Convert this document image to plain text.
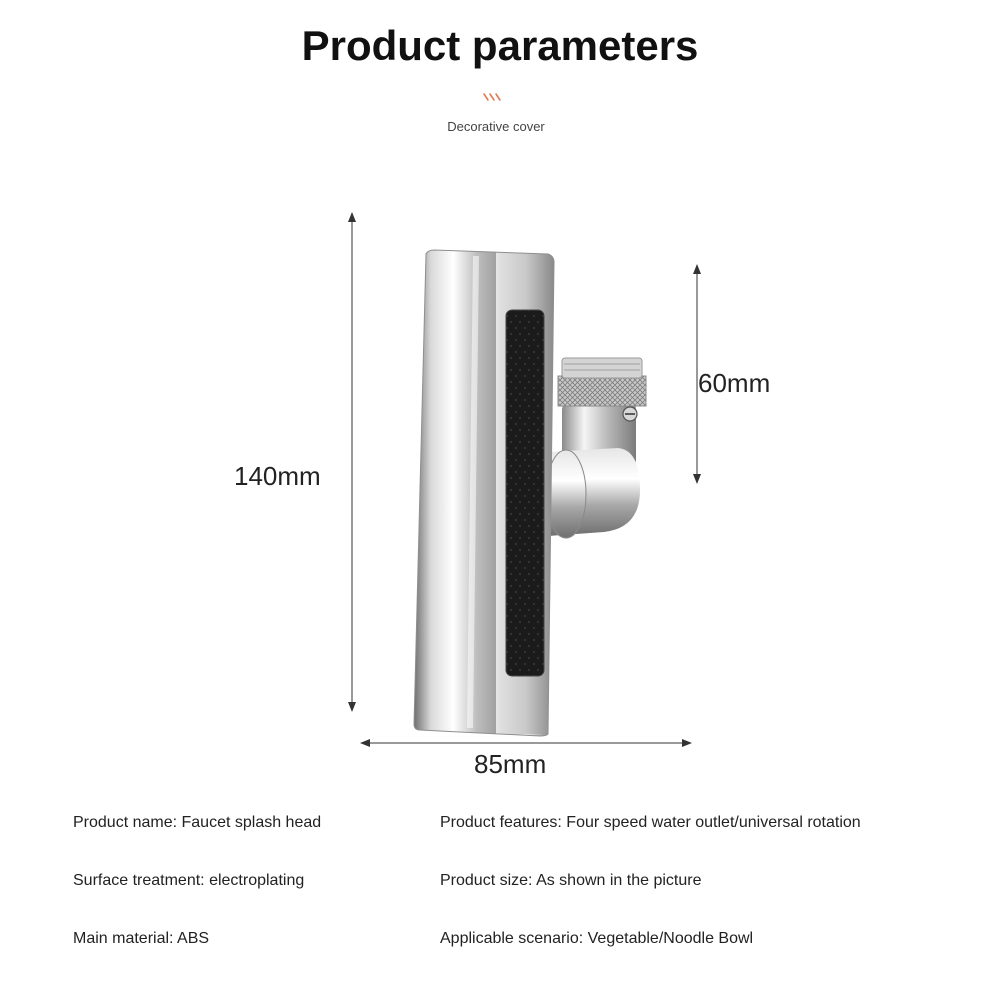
Product parameters
Decorative cover
140mm
60mm
85mm
Product name : Faucet splash head	Product features : Four speed water outlet/universal rotation
Surface treatment : electroplating	Product size : As shown in the picture
Main material : ABS	Applicable scenario : Vegetable/Noodle Bowl
